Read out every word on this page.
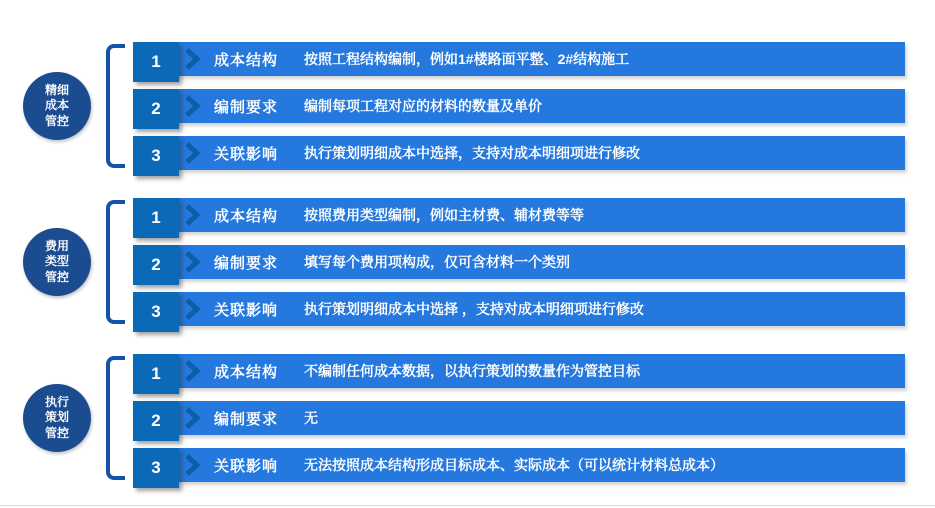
精细
成本
管控
1	成本结构	按照工程结构编制，例如1#楼路面平整、2#结构施工
2	编制要求	编制每项工程对应的材料的数量及单价
3	关联影响	执行策划明细成本中选择，支持对成本明细项进行修改
费用
类型
管控
1	成本结构	按照费用类型编制，例如主材费、辅材费等等
2	编制要求	填写每个费用项构成，仅可含材料一个类别
3	关联影响	执行策划明细成本中选择 ，支持对成本明细项进行修改
执行
策划
管控
1	成本结构	不编制任何成本数据，以执行策划的数量作为管控目标
2	编制要求	无
3	关联影响	无法按照成本结构形成目标成本、实际成本（可以统计材料总成本）
